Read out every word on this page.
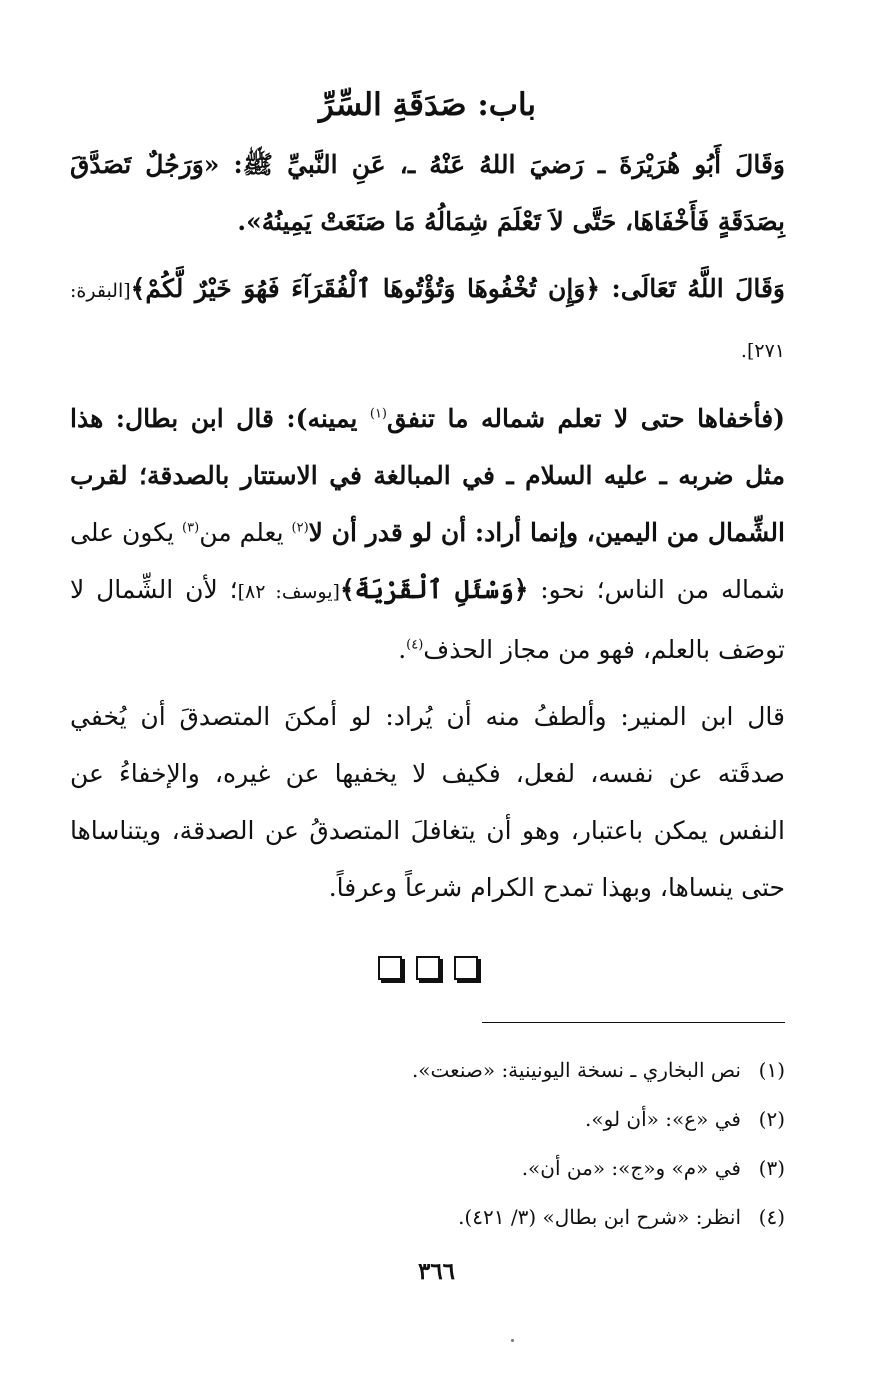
باب: صَدَقَةِ السِّرِّ

وَقَالَ أَبُو هُرَيْرَةَ ـ رَضيَ اللهُ عَنْهُ ـ، عَنِ النَّبيِّ ﷺ: «وَرَجُلٌ تَصَدَّقَ بِصَدَقَةٍ فَأَخْفَاهَا، حَتَّى لاَ تَعْلَمَ شِمَالُهُ مَا صَنَعَتْ يَمِينُهُ».

وَقَالَ اللَّهُ تَعَالَى: ﴿وَإِن تُخْفُوهَا وَتُؤْتُوهَا ٱلْفُقَرَآءَ فَهُوَ خَيْرٌ لَّكُمْ﴾[البقرة: ٢٧١].

(فأخفاها حتى لا تعلم شماله ما تنفق$^{(١)}$ يمينه): قال ابن بطال: هذا مثل ضربه ـ عليه السلام ـ في المبالغة في الاستتار بالصدقة؛ لقرب الشِّمال من اليمين، وإنما أراد: أن لو قدر أن لا$^{(٢)}$ يعلم من$^{(٣)}$ يكون على شماله من الناس؛ نحو: ﴿وَسْئَلِ ٱلْقَرْيَةَ﴾[يوسف: ٨٢]؛ لأن الشِّمال لا توصَف بالعلم، فهو من مجاز الحذف$^{(٤)}$.

قال ابن المنير: وألطفُ منه أن يُراد: لو أمكنَ المتصدقَ أن يُخفي صدقَته عن نفسه، لفعل، فكيف لا يخفيها عن غيره، والإخفاءُ عن النفس يمكن باعتبار، وهو أن يتغافلَ المتصدقُ عن الصدقة، ويتناساها حتى ينساها، وبهذا تمدح الكرام شرعاً وعرفاً.

(١)نص البخاري ـ نسخة اليونينية: «صنعت».
(٢)في «ع»: «أن لو».
(٣)في «م» و«ج»: «من أن».
(٤)انظر: «شرح ابن بطال» (٣/ ٤٢١).
٣٦٦
